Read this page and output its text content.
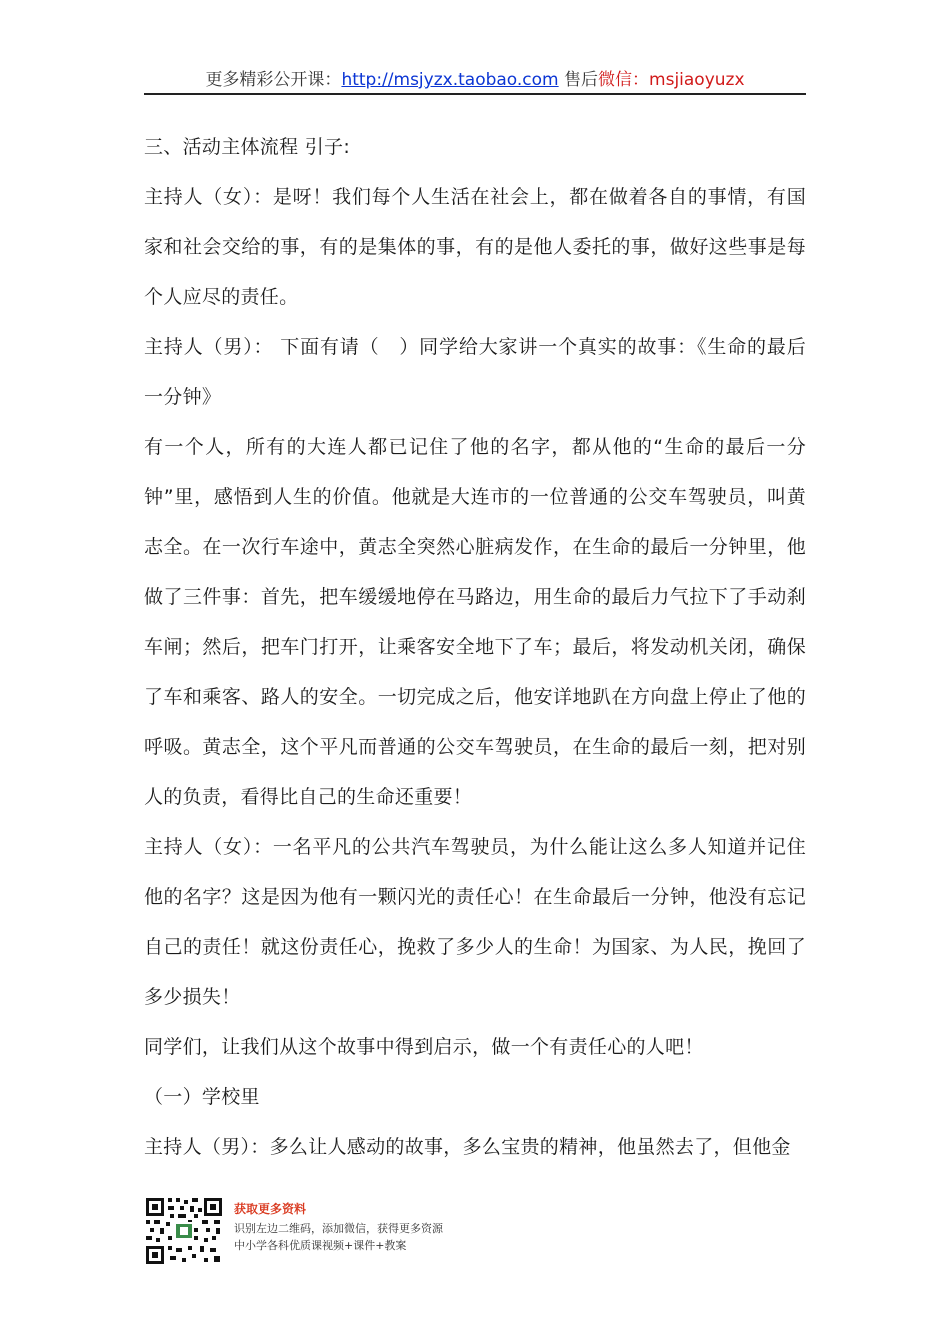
更多精彩公开课：http://msjyzx.taobao.com 售后微信：msjiaoyuzx

三、活动主体流程 引子:

主持人（女）：是呀！我们每个人生活在社会上，都在做着各自的事情，有国家和社会交给的事，有的是集体的事，有的是他人委托的事，做好这些事是每个人应尽的责任。

主持人（男）： 下面有请（　）同学给大家讲一个真实的故事：《生命的最后一分钟》

有一个人，所有的大连人都已记住了他的名字，都从他的“生命的最后一分钟”里，感悟到人生的价值。他就是大连市的一位普通的公交车驾驶员，叫黄志全。在一次行车途中，黄志全突然心脏病发作，在生命的最后一分钟里，他做了三件事：首先，把车缓缓地停在马路边，用生命的最后力气拉下了手动刹车闸；然后，把车门打开，让乘客安全地下了车；最后，将发动机关闭，确保了车和乘客、路人的安全。一切完成之后，他安详地趴在方向盘上停止了他的呼吸。黄志全，这个平凡而普通的公交车驾驶员，在生命的最后一刻，把对别人的负责，看得比自己的生命还重要！

主持人（女）：一名平凡的公共汽车驾驶员，为什么能让这么多人知道并记住他的名字？这是因为他有一颗闪光的责任心！在生命最后一分钟，他没有忘记自己的责任！就这份责任心，挽救了多少人的生命！为国家、为人民，挽回了多少损失！

同学们，让我们从这个故事中得到启示，做一个有责任心的人吧！

（一）学校里

主持人（男）：多么让人感动的故事，多么宝贵的精神，他虽然去了，但他金

获取更多资料
识别左边二维码，添加微信，获得更多资源
中小学各科优质课视频+课件+教案
